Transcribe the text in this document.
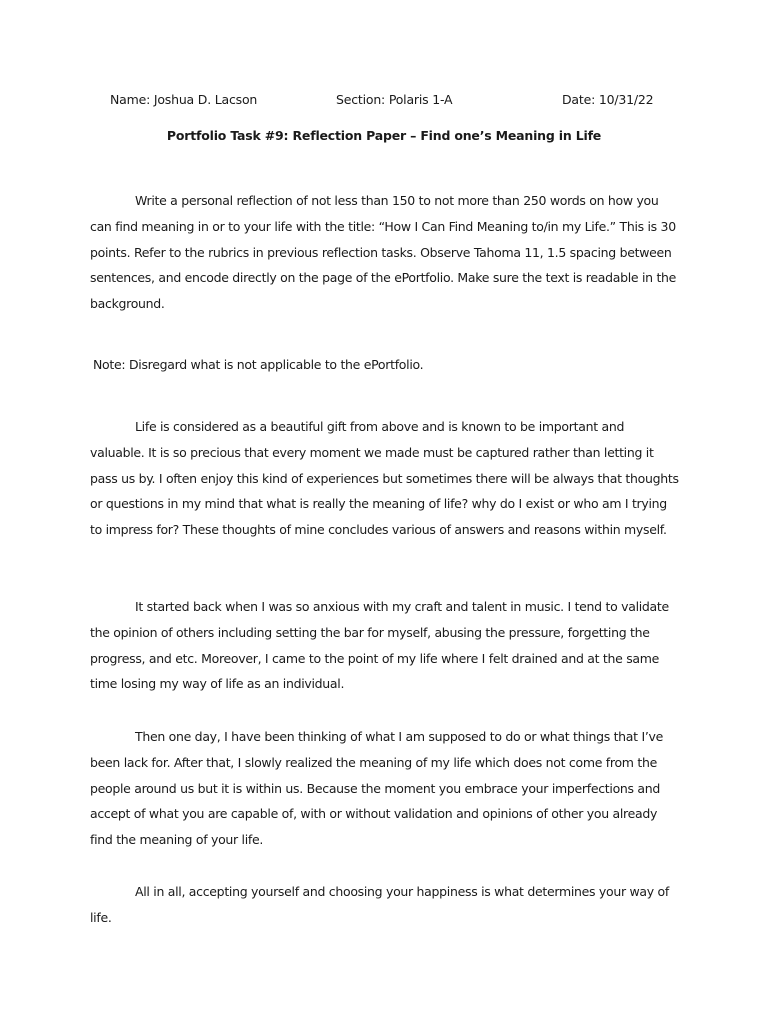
Name: Joshua D. Lacson	Section: Polaris 1-A	Date: 10/31/22
Portfolio Task #9: Reflection Paper – Find one’s Meaning in Life

Write a personal reflection of not less than 150 to not more than 250 words on how you can find meaning in or to your life with the title: “How I Can Find Meaning to/in my Life.” This is 30 points. Refer to the rubrics in previous reflection tasks. Observe Tahoma 11, 1.5 spacing between sentences, and encode directly on the page of the ePortfolio. Make sure the text is readable in the background.

Note: Disregard what is not applicable to the ePortfolio.

Life is considered as a beautiful gift from above and is known to be important and valuable. It is so precious that every moment we made must be captured rather than letting it pass us by. I often enjoy this kind of experiences but sometimes there will be always that thoughts or questions in my mind that what is really the meaning of life? why do I exist or who am I trying to impress for? These thoughts of mine concludes various of answers and reasons within myself.

It started back when I was so anxious with my craft and talent in music. I tend to validate the opinion of others including setting the bar for myself, abusing the pressure, forgetting the progress, and etc. Moreover, I came to the point of my life where I felt drained and at the same time losing my way of life as an individual.

Then one day, I have been thinking of what I am supposed to do or what things that I’ve been lack for. After that, I slowly realized the meaning of my life which does not come from the people around us but it is within us. Because the moment you embrace your imperfections and accept of what you are capable of, with or without validation and opinions of other you already find the meaning of your life.

All in all, accepting yourself and choosing your happiness is what determines your way of life.
